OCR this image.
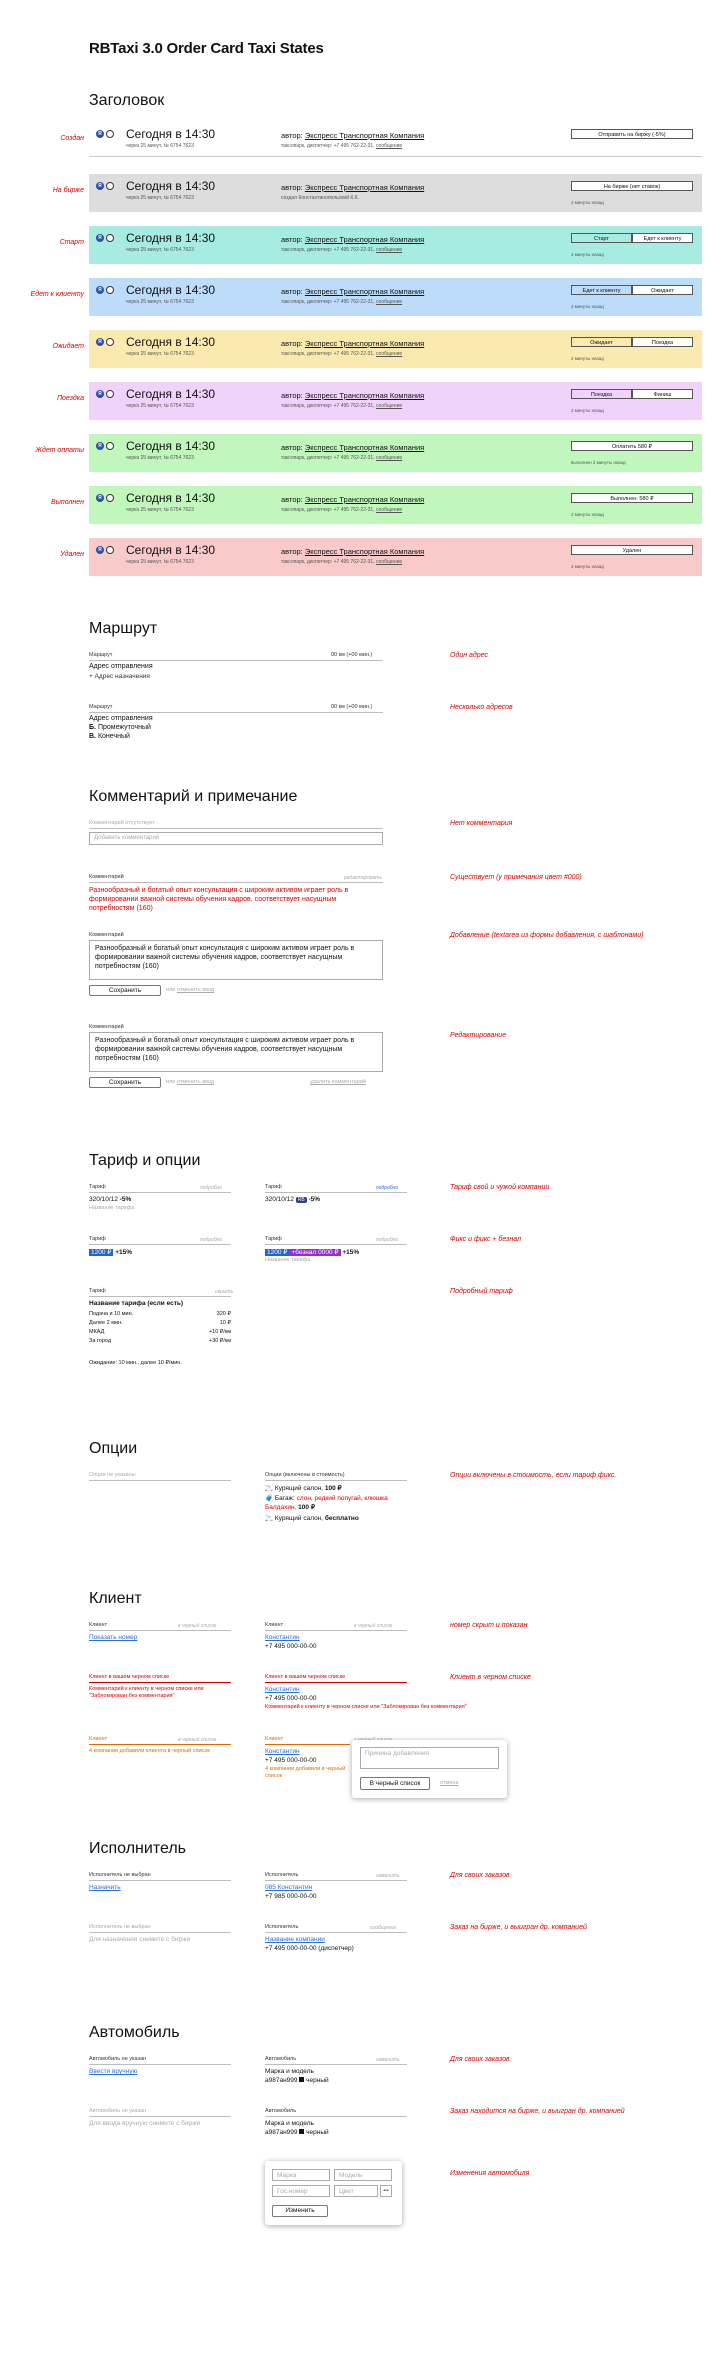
RBTaxi 3.0 Order Card Taxi States
Заголовок
Создан
R Сегодня в 14:30
через 25 минут, № 6754 7623
автор: Экспресс Транспортная Компания
таксопарк, диспетчер: +7 495 762-22-31, сообщение
Отправить на биржу (-5%)
На бирже
R Сегодня в 14:30
через 25 минут, № 6754 7623
автор: Экспресс Транспортная Компания
создал Константинопольский К.К.
На бирже (нет ставок)
2 минуты назад
Старт
R Сегодня в 14:30
через 25 минут, № 6754 7623
автор: Экспресс Транспортная Компания
таксопарк, диспетчер: +7 495 762-22-31, сообщение
Старт	Едет к клиенту
2 минуты назад
Едет к клиенту
R Сегодня в 14:30
через 25 минут, № 6754 7623
автор: Экспресс Транспортная Компания
таксопарк, диспетчер: +7 495 762-22-31, сообщение
Едет к клиенту	Ожидает
2 минуты назад
Ожидает
R Сегодня в 14:30
через 25 минут, № 6754 7623
автор: Экспресс Транспортная Компания
таксопарк, диспетчер: +7 495 762-22-31, сообщение
Ожидает	Поездка
2 минуты назад
Поездка
R Сегодня в 14:30
через 25 минут, № 6754 7623
автор: Экспресс Транспортная Компания
таксопарк, диспетчер: +7 495 762-22-31, сообщение
Поездка	Финиш
2 минуты назад
Ждет оплаты
R Сегодня в 14:30
через 25 минут, № 6754 7623
автор: Экспресс Транспортная Компания
таксопарк, диспетчер: +7 495 762-22-31, сообщение
Оплатить 580 ₽
выполнен 2 минуты назад
Выполнен
R Сегодня в 14:30
через 25 минут, № 6754 7623
автор: Экспресс Транспортная Компания
таксопарк, диспетчер: +7 495 762-22-31, сообщение
Выполнен: 580 ₽
2 минуты назад
Удален
R Сегодня в 14:30
через 25 минут, № 6754 7623
автор: Экспресс Транспортная Компания
таксопарк, диспетчер: +7 495 762-22-31, сообщение
Удален
2 минуты назад
Маршрут
Маршрут	00 км (+00 мин.)
Адрес отправления
+ Адрес назначения
Один адрес
Маршрут	00 км (+00 мин.)
Адрес отправления
Б. Промежуточный
В. Конечный
Несколько адресов
Комментарий и примечание
Комментарий отсутствует
Добавить комментарий
Нет комментария
Комментарий	редактировать
Разнообразный и богатый опыт консультация с широким активом играет роль в формировании важной системы обучения кадров, соответствует насущным потребностям (160)
Существует (у примечания цвет #000)
Комментарий
Разнообразный и богатый опыт консультация с широким активом играет роль в формировании важной системы обучения кадров, соответствует насущным потребностям (160)
Сохранить	или отменить ввод
Добавление (textarea из формы добавления, с шаблонами)
Комментарий
Разнообразный и богатый опыт консультация с широким активом играет роль в формировании важной системы обучения кадров, соответствует насущным потребностям (160)
Сохранить	или отменить ввод	удалить комментарий
Редактирование
Тариф и опции
Тариф	подробно
320/10/12 -5%
Название тарифа
Тариф	подробно
320/10/12 RB -5%
Тариф свой и чужой компании
Тариф	подробно
1200 ₽ +15%
Тариф	подробно
1200 ₽ +безнал 0000 ₽ +15%
Название тарифа
Фикс и фикс + безнал
Тариф	скрыть
Название тарифа (если есть)
Подача и 10 мин.	320 ₽
Далее 2 мин.	10 ₽
МКАД	+10 ₽/км
За город	+30 ₽/км
Ожидание: 10 мин., далее 10 ₽/мин.
Подробный тариф
Опции
Опции не указаны	Опции (включены в стоимость)
🚬 Курящий салон, 100 ₽
🧳 Багаж: слон, редкий попугай, клюшка Балдахин, 100 ₽
🚬 Курящий салон, бесплатно
Опции включены в стоимость, если тариф фикс.
Клиент
Клиент	в черный список
Показать номер
Клиент	в черный список
Константин
+7 495 000-00-00
номер скрыт и показан
Клиент в вашем черном списке
Комментарий к клиенту в черном списке или "Заблокирован без комментария"
Клиент в вашем черном списке
Константин
+7 495 000-00-00
Комментарий к клиенту в черном списке или "Заблокирован без комментария"
Клиент в черном списке
Клиент	в черный список
4 компании добавили клиента в черный список
Клиент
Константин
+7 495 000-00-00
4 компании добавили в черный список
Причина добавления
В черный список	отмена
Исполнитель
Исполнитель не выбран
Назначить
Исполнитель	изменить
085 Константин
+7 985 000-00-00
Для своих заказов
Исполнитель не выбран
Для назначения снимите с биржи
Исполнитель	сообщение
Название компании
+7 495 000-00-00 (диспетчер)
Заказ на бирже, и выигран др. компанией
Автомобиль
Автомобиль не указан
Ввести вручную
Автомобиль	изменить
Марка и модель
а987ан999 черный
Для своих заказов
Автомобиль не указан
Для ввода вручную снимите с биржи
Автомобиль
Марка и модель
а987ан999 черный
Заказ находится на бирже, и выигран др. компанией
Марка	Модель
Гос.номер	Цвет	•••
Изменить
Изменения автомобиля
